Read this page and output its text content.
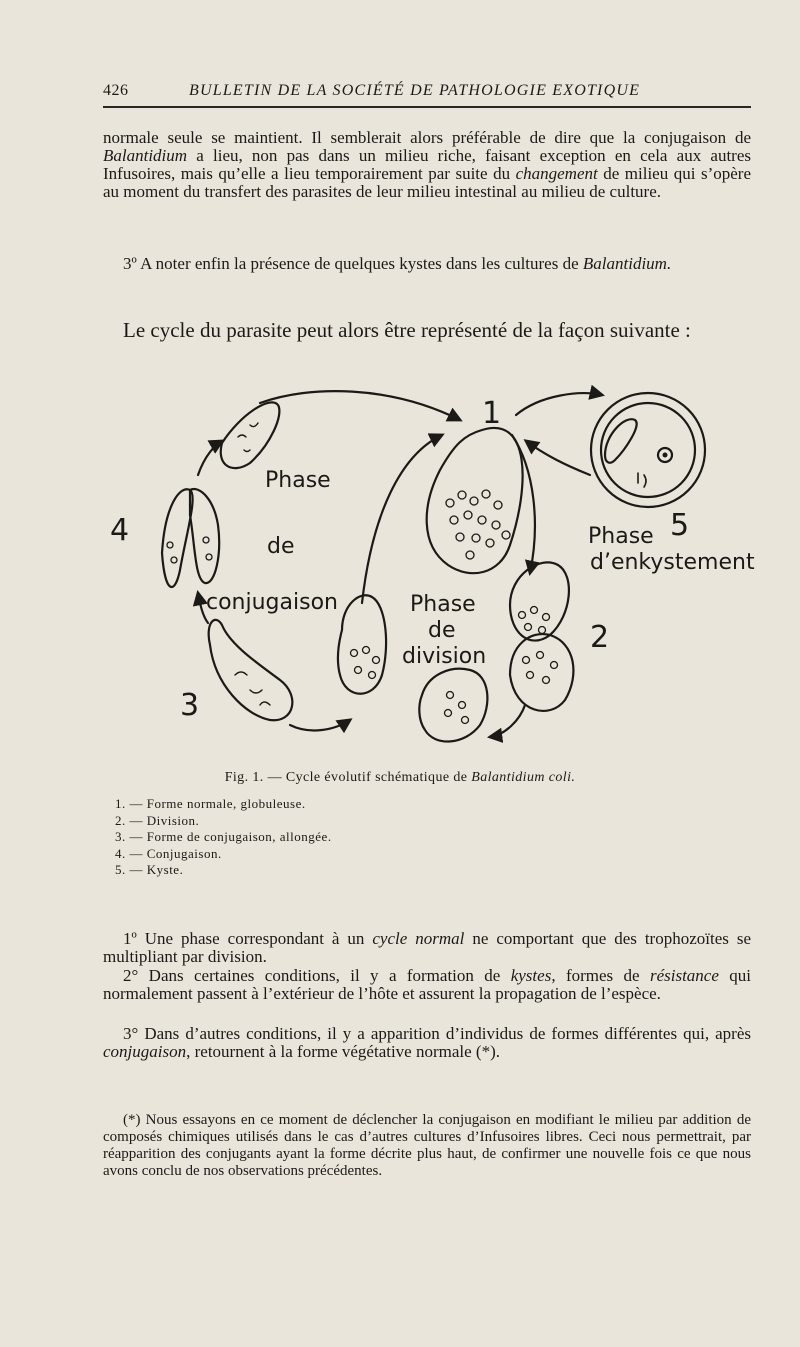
426	BULLETIN DE LA SOCIÉTÉ DE PATHOLOGIE EXOTIQUE

normale seule se maintient. Il semblerait alors préférable de dire que la conjugaison de Balantidium a lieu, non pas dans un milieu riche, faisant exception en cela aux autres Infusoires, mais qu’elle a lieu temporairement par suite du changement de milieu qui s’opère au moment du transfert des parasites de leur milieu intestinal au milieu de culture.

3º A noter enfin la présence de quelques kystes dans les cultures de Balantidium.

Le cycle du parasite peut alors être représenté de la façon suivante :

1
2
3
4	5
Phase
de
conjugaison	Phase
de
division
Phase
d’enkystement
Fig. 1. — Cycle évolutif schématique de Balantidium coli.
1. — Forme normale, globuleuse.
2. — Division.
3. — Forme de conjugaison, allongée.
4. — Conjugaison.
5. — Kyste.

1º Une phase correspondant à un cycle normal ne comportant que des trophozoïtes se multipliant par division.

2° Dans certaines conditions, il y a formation de kystes, formes de résistance qui normalement passent à l’extérieur de l’hôte et assurent la propagation de l’espèce.

3° Dans d’autres conditions, il y a apparition d’individus de formes différentes qui, après conjugaison, retournent à la forme végétative normale (*).

(*) Nous essayons en ce moment de déclencher la conjugaison en modifiant le milieu par addition de composés chimiques utilisés dans le cas d’autres cultures d’Infusoires libres. Ceci nous permettrait, par réapparition des conjugants ayant la forme décrite plus haut, de confirmer une nouvelle fois ce que nous avons conclu de nos observations précédentes.
